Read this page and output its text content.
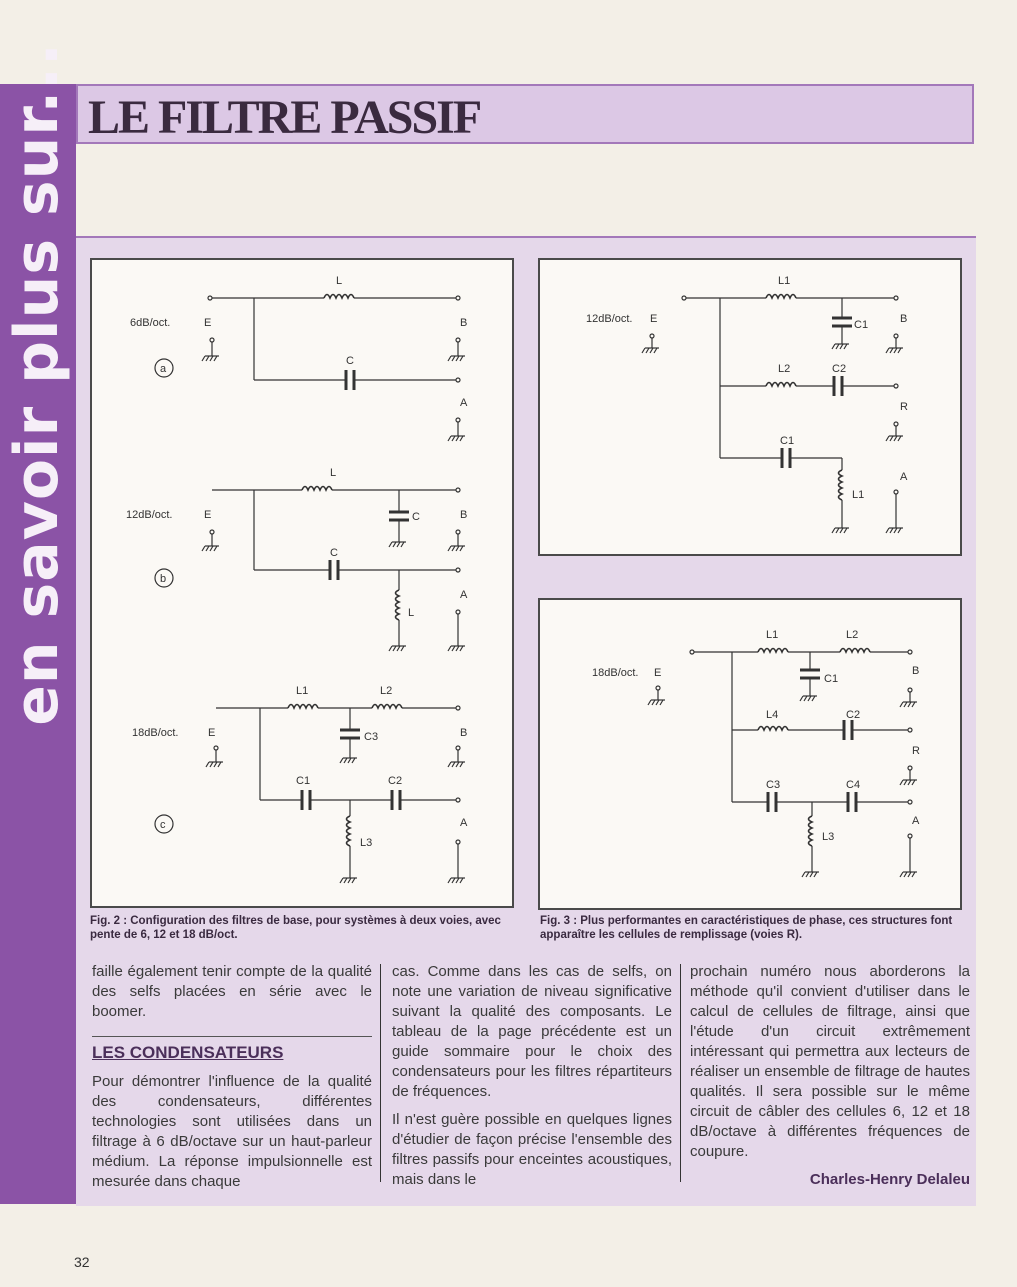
en savoir plus sur... LE FILTRE PASSIF
6dB/oct.	E	B
A
L
C
a
12dB/oct.	E	B
A
L
C
C
L
b
18dB/oct.	E	B
A
L1	L2
C3
C1	C2
L3
c
12dB/oct. E
L1
C1	B
L2	C2
R
C1
A
L1
18dB/oct. E
L1	L2
C1
B
L4	C2
R
C3	C4
A
L3
Fig. 2 : Configuration des filtres de base, pour systèmes à deux voies, avec pente de 6, 12 et 18 dB/oct.
Fig. 3 : Plus performantes en caractéristiques de phase, ces structures font apparaître les cellules de remplissage (voies R).

faille également tenir compte de la qualité des selfs placées en série avec le boomer.

LES CONDENSATEURS

Pour démontrer l'influence de la qualité des condensateurs, différentes technologies sont utilisées dans un filtrage à 6 dB/octave sur un haut-parleur médium. La réponse impulsionnelle est mesurée dans chaque

cas. Comme dans les cas de selfs, on note une variation de niveau significative suivant la qualité des composants. Le tableau de la page précédente est un guide sommaire pour le choix des condensateurs pour les filtres répartiteurs de fréquences.

Il n'est guère possible en quelques lignes d'étudier de façon précise l'ensemble des filtres passifs pour enceintes acoustiques, mais dans le

prochain numéro nous aborderons la méthode qu'il convient d'utiliser dans le calcul de cellules de filtrage, ainsi que l'étude d'un circuit extrêmement intéressant qui permettra aux lecteurs de réaliser un ensemble de filtrage de hautes qualités. Il sera possible sur le même circuit de câbler des cellules 6, 12 et 18 dB/octave à différentes fréquences de coupure.

Charles-Henry Delaleu
32
